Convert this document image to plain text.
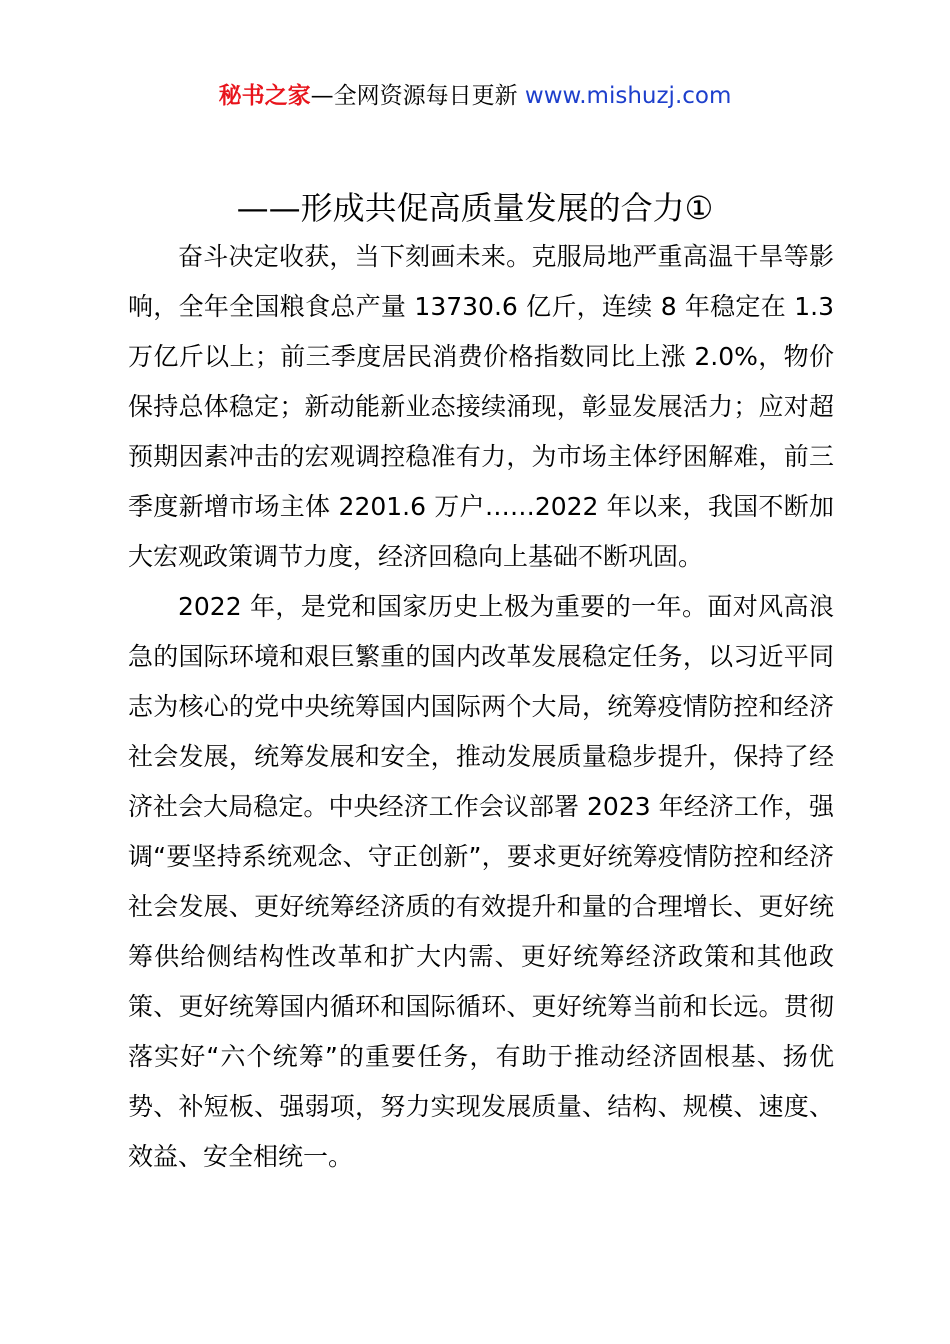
秘书之家—全网资源每日更新 www.mishuzj.com
——形成共促高质量发展的合力①

奋斗决定收获，当下刻画未来。克服局地严重高温干旱等影响，全年全国粮食总产量 13730.6 亿斤，连续 8 年稳定在 1.3 万亿斤以上；前三季度居民消费价格指数同比上涨 2.0%，物价保持总体稳定；新动能新业态接续涌现，彰显发展活力；应对超预期因素冲击的宏观调控稳准有力，为市场主体纾困解难，前三季度新增市场主体 2201.6 万户……2022 年以来，我国不断加大宏观政策调节力度，经济回稳向上基础不断巩固。

2022 年，是党和国家历史上极为重要的一年。面对风高浪急的国际环境和艰巨繁重的国内改革发展稳定任务，以习近平同志为核心的党中央统筹国内国际两个大局，统筹疫情防控和经济社会发展，统筹发展和安全，推动发展质量稳步提升，保持了经济社会大局稳定。中央经济工作会议部署 2023 年经济工作，强调“要坚持系统观念、守正创新”，要求更好统筹疫情防控和经济社会发展、更好统筹经济质的有效提升和量的合理增长、更好统筹供给侧结构性改革和扩大内需、更好统筹经济政策和其他政策、更好统筹国内循环和国际循环、更好统筹当前和长远。贯彻落实好“六个统筹”的重要任务，有助于推动经济固根基、扬优势、补短板、强弱项，努力实现发展质量、结构、规模、速度、效益、安全相统一。
